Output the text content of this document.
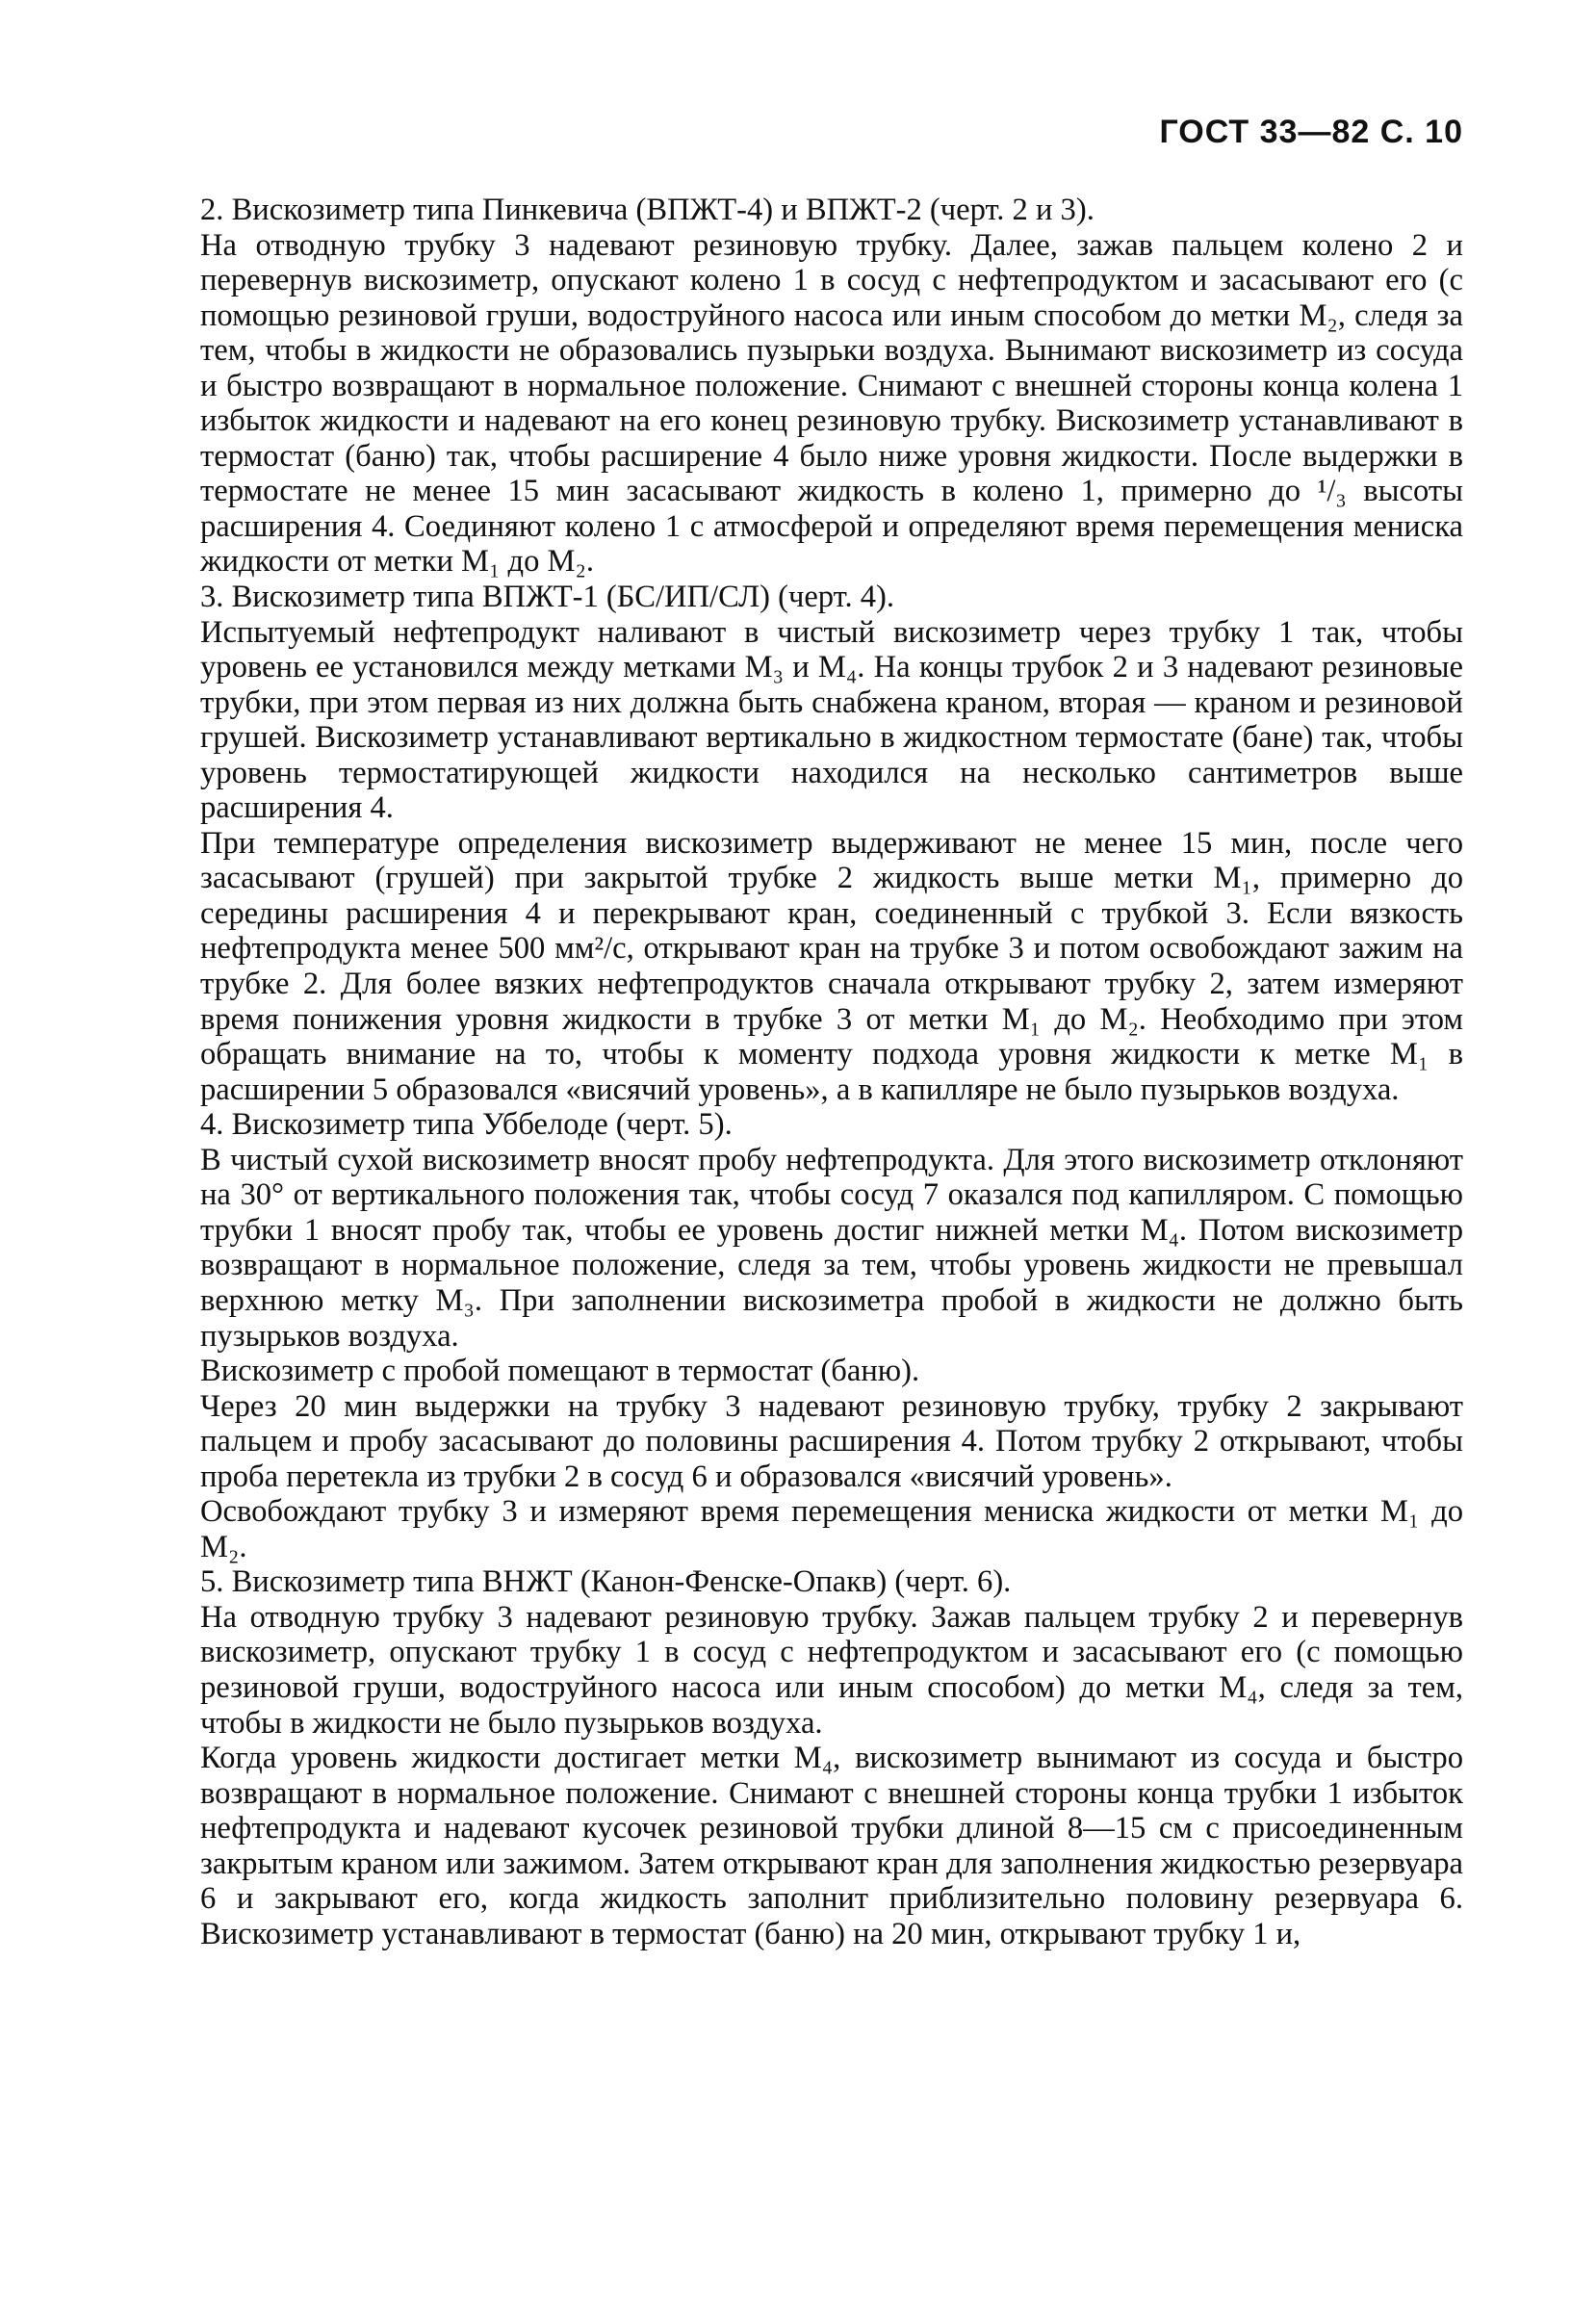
ГОСТ 33—82 С. 10

2. Вискозиметр типа Пинкевича (ВПЖТ-4) и ВПЖТ-2 (черт. 2 и 3).

На отводную трубку 3 надевают резиновую трубку. Далее, зажав пальцем колено 2 и перевернув вискозиметр, опускают колено 1 в сосуд с нефтепродуктом и засасывают его (с помощью резиновой груши, водоструйного насоса или иным способом до метки M₂, следя за тем, чтобы в жидкости не образовались пузырьки воздуха. Вынимают вискозиметр из сосуда и быстро возвращают в нормальное положение. Снимают с внешней стороны конца колена 1 избыток жидкости и надевают на его конец резиновую трубку. Вискозиметр устанавливают в термостат (баню) так, чтобы расширение 4 было ниже уровня жидкости. После выдержки в термостате не менее 15 мин засасывают жидкость в колено 1, примерно до ¹/₃ высоты расширения 4. Соединяют колено 1 с атмосферой и определяют время перемещения мениска жидкости от метки M₁ до M₂.

3. Вискозиметр типа ВПЖТ-1 (БС/ИП/СЛ) (черт. 4).

Испытуемый нефтепродукт наливают в чистый вискозиметр через трубку 1 так, чтобы уровень ее установился между метками M₃ и M₄. На концы трубок 2 и 3 надевают резиновые трубки, при этом первая из них должна быть снабжена краном, вторая — краном и резиновой грушей. Вискозиметр устанавливают вертикально в жидкостном термостате (бане) так, чтобы уровень термостатирующей жидкости находился на несколько сантиметров выше расширения 4.

При температуре определения вискозиметр выдерживают не менее 15 мин, после чего засасывают (грушей) при закрытой трубке 2 жидкость выше метки M₁, примерно до середины расширения 4 и перекрывают кран, соединенный с трубкой 3. Если вязкость нефтепродукта менее 500 мм²/с, открывают кран на трубке 3 и потом освобождают зажим на трубке 2. Для более вязких нефтепродуктов сначала открывают трубку 2, затем измеряют время понижения уровня жидкости в трубке 3 от метки M₁ до M₂. Необходимо при этом обращать внимание на то, чтобы к моменту подхода уровня жидкости к метке M₁ в расширении 5 образовался «висячий уровень», а в капилляре не было пузырьков воздуха.

4. Вискозиметр типа Уббелоде (черт. 5).

В чистый сухой вискозиметр вносят пробу нефтепродукта. Для этого вискозиметр отклоняют на 30° от вертикального положения так, чтобы сосуд 7 оказался под капилляром. С помощью трубки 1 вносят пробу так, чтобы ее уровень достиг нижней метки M₄. Потом вискозиметр возвращают в нормальное положение, следя за тем, чтобы уровень жидкости не превышал верхнюю метку M₃. При заполнении вискозиметра пробой в жидкости не должно быть пузырьков воздуха.

Вискозиметр с пробой помещают в термостат (баню).

Через 20 мин выдержки на трубку 3 надевают резиновую трубку, трубку 2 закрывают пальцем и пробу засасывают до половины расширения 4. Потом трубку 2 открывают, чтобы проба перетекла из трубки 2 в сосуд 6 и образовался «висячий уровень».

Освобождают трубку 3 и измеряют время перемещения мениска жидкости от метки M₁ до M₂.

5. Вискозиметр типа ВНЖТ (Канон-Фенске-Опакв) (черт. 6).

На отводную трубку 3 надевают резиновую трубку. Зажав пальцем трубку 2 и перевернув вискозиметр, опускают трубку 1 в сосуд с нефтепродуктом и засасывают его (с помощью резиновой груши, водоструйного насоса или иным способом) до метки M₄, следя за тем, чтобы в жидкости не было пузырьков воздуха.

Когда уровень жидкости достигает метки M₄, вискозиметр вынимают из сосуда и быстро возвращают в нормальное положение. Снимают с внешней стороны конца трубки 1 избыток нефтепродукта и надевают кусочек резиновой трубки длиной 8—15 см с присоединенным закрытым краном или зажимом. Затем открывают кран для заполнения жидкостью резервуара 6 и закрывают его, когда жидкость заполнит приблизительно половину резервуара 6. Вискозиметр устанавливают в термостат (баню) на 20 мин, открывают трубку 1 и,
